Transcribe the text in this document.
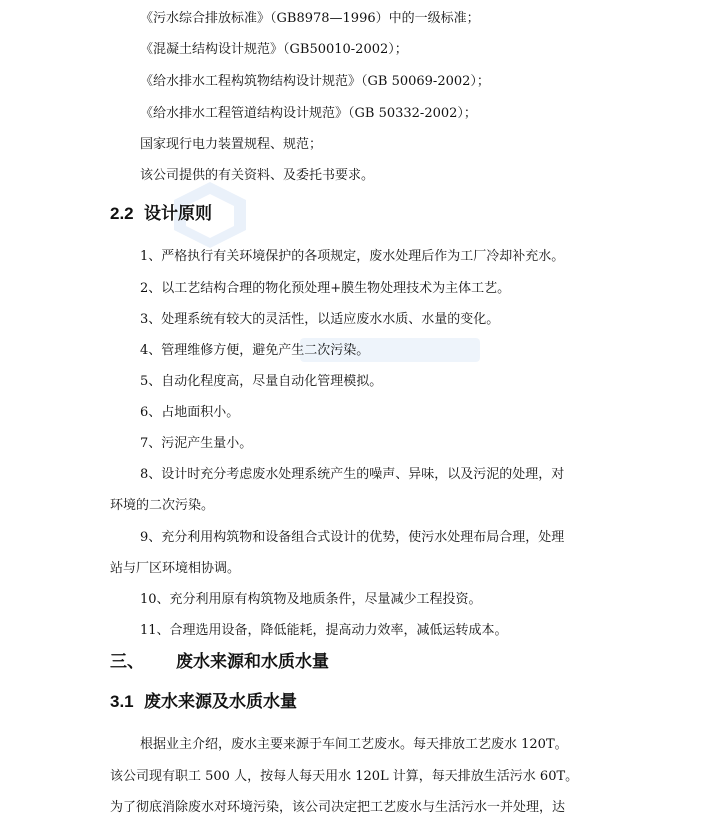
《污水综合排放标准》（GB8978—1996）中的一级标准；
《混凝土结构设计规范》（GB50010-2002）；
《给水排水工程构筑物结构设计规范》（GB 50069-2002）；
《给水排水工程管道结构设计规范》（GB 50332-2002）；
国家现行电力装置规程、规范；
该公司提供的有关资料、及委托书要求。
2.2 设计原则
1、严格执行有关环境保护的各项规定，废水处理后作为工厂冷却补充水。
2、以工艺结构合理的物化预处理+膜生物处理技术为主体工艺。
3、处理系统有较大的灵活性，以适应废水水质、水量的变化。
4、管理维修方便，避免产生二次污染。
5、自动化程度高，尽量自动化管理模拟。
6、占地面积小。
7、污泥产生量小。
8、设计时充分考虑废水处理系统产生的噪声、异味，以及污泥的处理，对
环境的二次污染。
9、充分利用构筑物和设备组合式设计的优势，使污水处理布局合理，处理
站与厂区环境相协调。
10、充分利用原有构筑物及地质条件，尽量减少工程投资。
11、合理选用设备，降低能耗，提高动力效率，减低运转成本。
三、 废水来源和水质水量
3.1 废水来源及水质水量
根据业主介绍，废水主要来源于车间工艺废水。每天排放工艺废水 120T。
该公司现有职工 500 人，按每人每天用水 120L 计算，每天排放生活污水 60T。
为了彻底消除废水对环境污染，该公司决定把工艺废水与生活污水一并处理，达
